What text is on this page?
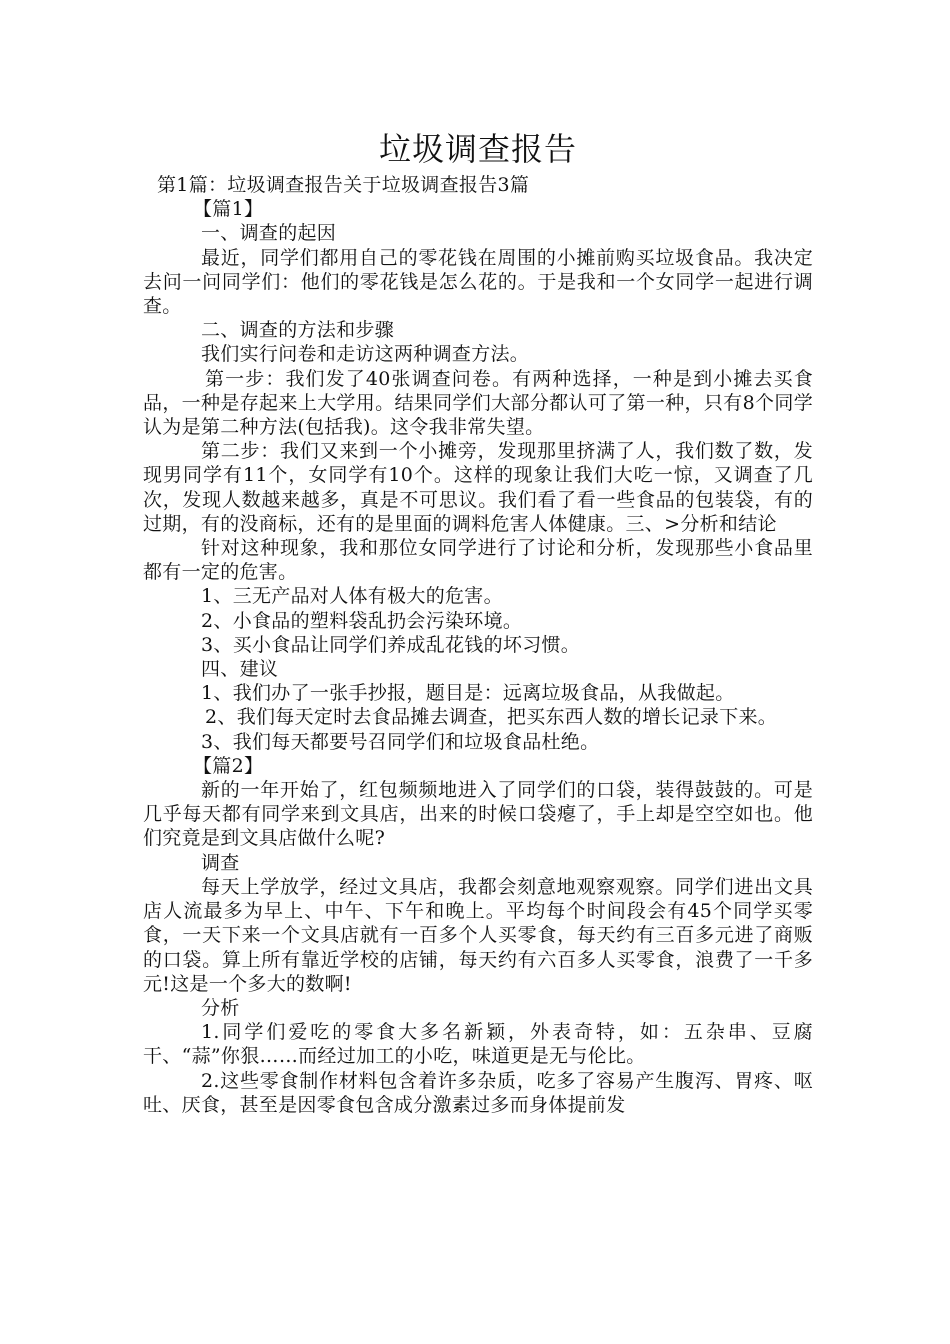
垃圾调查报告
第1篇：垃圾调查报告关于垃圾调查报告3篇

【篇1】

一、调查的起因

最近，同学们都用自己的零花钱在周围的小摊前购买垃圾食品。我决定去问一问同学们：他们的零花钱是怎么花的。于是我和一个女同学一起进行调查。

二、调查的方法和步骤

我们实行问卷和走访这两种调查方法。

第一步：我们发了40张调查问卷。有两种选择，一种是到小摊去买食品，一种是存起来上大学用。结果同学们大部分都认可了第一种，只有8个同学认为是第二种方法(包括我)。这令我非常失望。

第二步：我们又来到一个小摊旁，发现那里挤满了人，我们数了数，发现男同学有11个，女同学有10个。这样的现象让我们大吃一惊，又调查了几次，发现人数越来越多，真是不可思议。我们看了看一些食品的包装袋，有的过期，有的没商标，还有的是里面的调料危害人体健康。三、>分析和结论

针对这种现象，我和那位女同学进行了讨论和分析，发现那些小食品里都有一定的危害。

1、三无产品对人体有极大的危害。

2、小食品的塑料袋乱扔会污染环境。

3、买小食品让同学们养成乱花钱的坏习惯。

四、建议

1、我们办了一张手抄报，题目是：远离垃圾食品，从我做起。

2、我们每天定时去食品摊去调查，把买东西人数的增长记录下来。

3、我们每天都要号召同学们和垃圾食品杜绝。

【篇2】

新的一年开始了，红包频频地进入了同学们的口袋，装得鼓鼓的。可是几乎每天都有同学来到文具店，出来的时候口袋瘪了，手上却是空空如也。他们究竟是到文具店做什么呢?

调查

每天上学放学，经过文具店，我都会刻意地观察观察。同学们进出文具店人流最多为早上、中午、下午和晚上。平均每个时间段会有45个同学买零食，一天下来一个文具店就有一百多个人买零食，每天约有三百多元进了商贩的口袋。算上所有靠近学校的店铺，每天约有六百多人买零食，浪费了一千多元!这是一个多大的数啊!

分析

1.同学们爱吃的零食大多名新颖，外表奇特，如：五杂串、豆腐干、“蒜”你狠……而经过加工的小吃，味道更是无与伦比。

2.这些零食制作材料包含着许多杂质，吃多了容易产生腹泻、胃疼、呕吐、厌食，甚至是因零食包含成分激素过多而身体提前发
